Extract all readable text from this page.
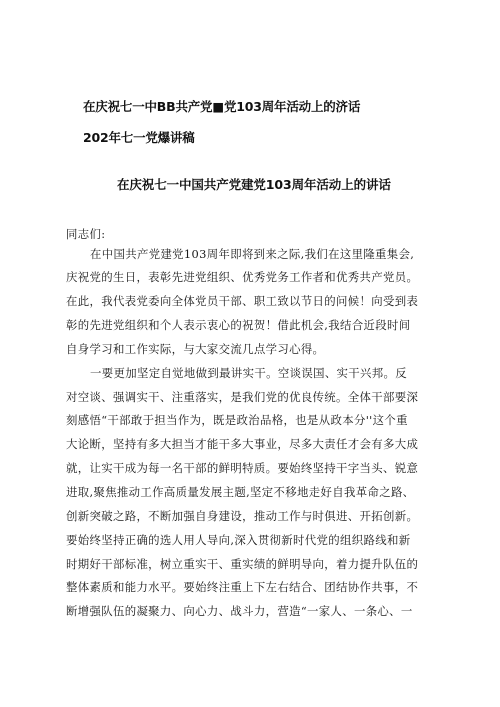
在庆祝七一中BB共产党■党103周年活动上的济话
202年七一党爆讲稿
在庆祝七一中国共产党建党103周年活动上的讲话
同志们:
在中国共产党建党103周年即将到来之际,我们在这里隆重集会,
庆祝党的生日，表彰先进党组织、优秀党务工作者和优秀共产党员。
在此，我代表党委向全体党员干部、职工致以节日的问候！向受到表
彰的先进党组织和个人表示衷心的祝贺！借此机会,我结合近段时间
自身学习和工作实际，与大家交流几点学习心得。
一要更加坚定自觉地做到最讲实干。空谈误国、实干兴邦。反
对空谈、强调实干、注重落实，是我们党的优良传统。全体干部要深
刻感悟“干部敢于担当作为，既是政治品格，也是从政本分''这个重
大论断，坚持有多大担当才能干多大事业，尽多大责任才会有多大成
就，让实干成为每一名干部的鲜明特质。要始终坚持干字当头、锐意
进取,聚焦推动工作高质量发展主题,坚定不移地走好自我革命之路、
创新突破之路，不断加强自身建设，推动工作与时俱进、开拓创新。
要始终坚持正确的选人用人导向,深入贯彻新时代党的组织路线和新
时期好干部标准，树立重实干、重实绩的鲜明导向，着力提升队伍的
整体素质和能力水平。要始终注重上下左右结合、团结协作共事，不
断增强队伍的凝聚力、向心力、战斗力，营造“一家人、一条心、一
